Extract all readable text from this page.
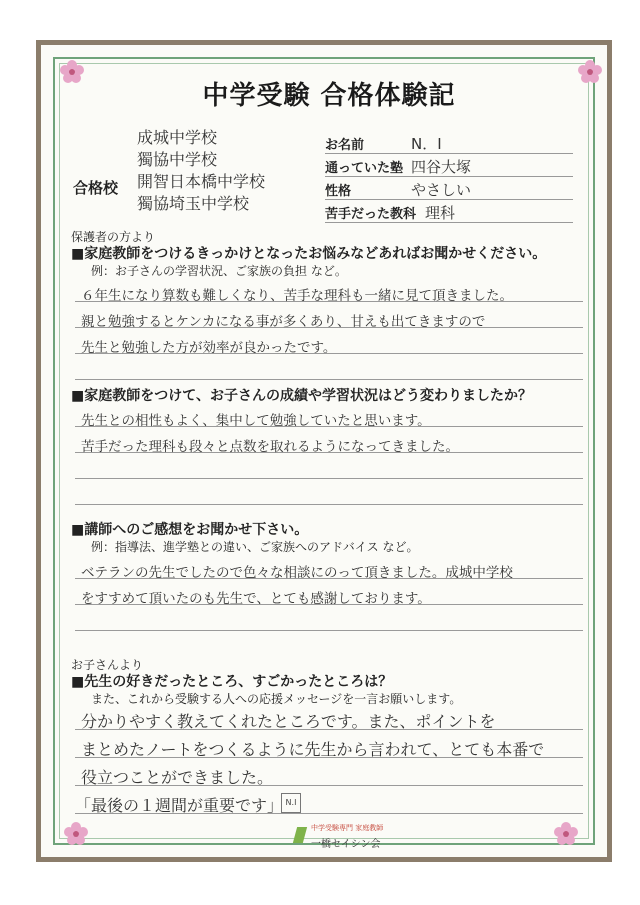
中学受験 合格体験記
合格校
成城中学校
獨協中学校
開智日本橋中学校
獨協埼玉中学校
お名前	N．I
通っていた塾 四谷大塚
性格	やさしい
苦手だった教科 理科
保護者の方より
■家庭教師をつけるきっかけとなったお悩みなどあればお聞かせください。
例：お子さんの学習状況、ご家族の負担 など。
６年生になり算数も難しくなり、苦手な理科も一緒に見て頂きました。
親と勉強するとケンカになる事が多くあり、甘えも出てきますので
先生と勉強した方が効率が良かったです。
■家庭教師をつけて、お子さんの成績や学習状況はどう変わりましたか？
先生との相性もよく、集中して勉強していたと思います。
苦手だった理科も段々と点数を取れるようになってきました。
■講師へのご感想をお聞かせ下さい。
例：指導法、進学塾との違い、ご家族へのアドバイス など。
ベテランの先生でしたので色々な相談にのって頂きました。成城中学校
をすすめて頂いたのも先生で、とても感謝しております。
お子さんより
■先生の好きだったところ、すごかったところは？
また、これから受験する人への応援メッセージを一言お願いします。
分かりやすく教えてくれたところです。また、ポイントを
まとめたノートをつくるように先生から言われて、とても本番で
役立つことができました。
「最後の１週間が重要です」 N.I
中学受験専門 家庭教師
一橋セイシン会
